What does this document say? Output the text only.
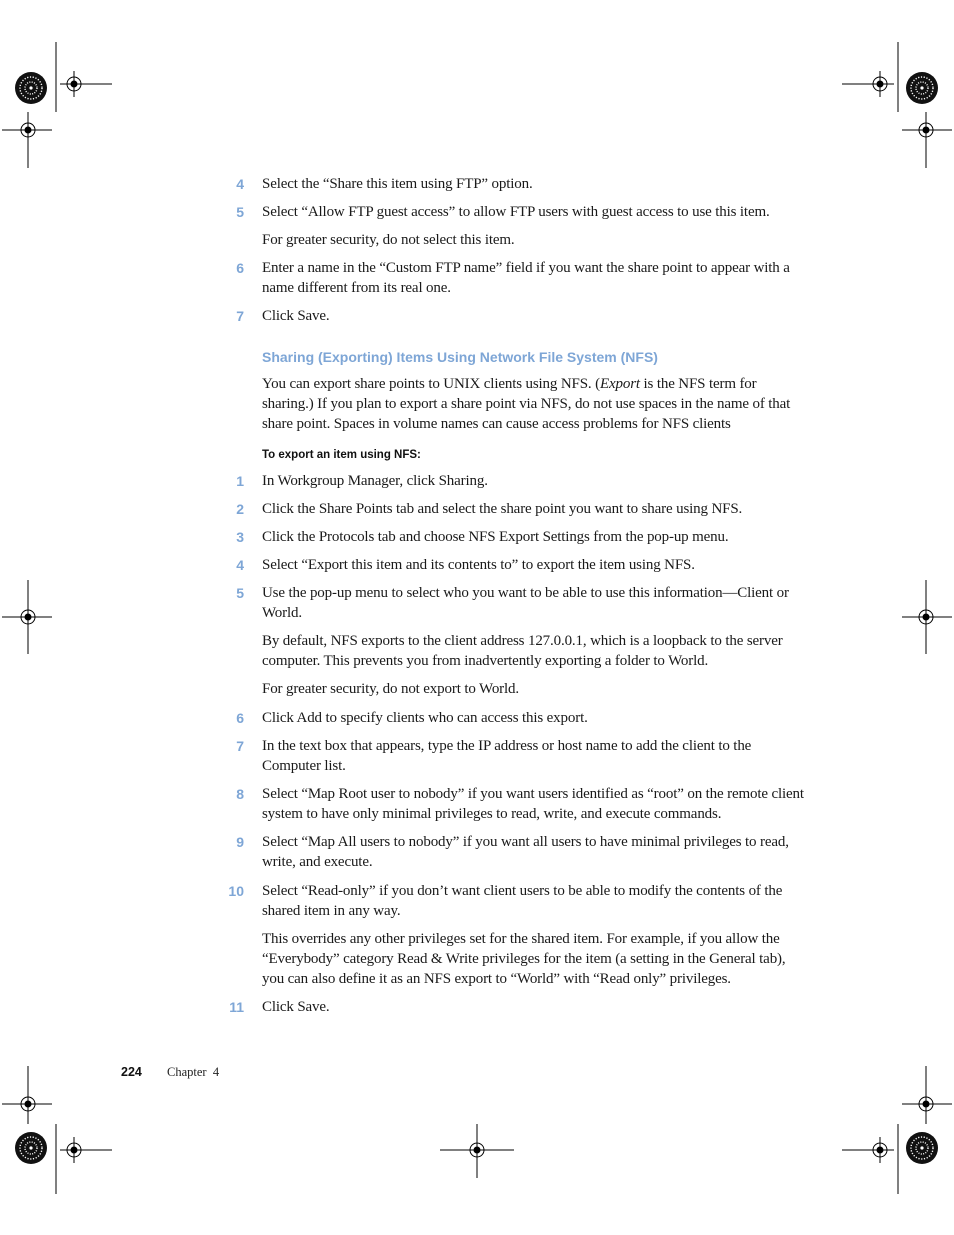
4 Select the “Share this item using FTP” option.
5 Select “Allow FTP guest access” to allow FTP users with guest access to use this item.
For greater security, do not select this item.
6 Enter a name in the “Custom FTP name” field if you want the share point to appear with a name different from its real one.
7 Click Save.
Sharing (Exporting) Items Using Network File System (NFS)
You can export share points to UNIX clients using NFS. (Export is the NFS term for sharing.) If you plan to export a share point via NFS, do not use spaces in the name of that share point. Spaces in volume names can cause access problems for NFS clients
To export an item using NFS:
1 In Workgroup Manager, click Sharing.
2 Click the Share Points tab and select the share point you want to share using NFS.
3 Click the Protocols tab and choose NFS Export Settings from the pop-up menu.
4 Select “Export this item and its contents to” to export the item using NFS.
5 Use the pop-up menu to select who you want to be able to use this information—Client or World.
By default, NFS exports to the client address 127.0.0.1, which is a loopback to the server computer. This prevents you from inadvertently exporting a folder to World.
For greater security, do not export to World.
6 Click Add to specify clients who can access this export.
7 In the text box that appears, type the IP address or host name to add the client to the Computer list.
8 Select “Map Root user to nobody” if you want users identified as “root” on the remote client system to have only minimal privileges to read, write, and execute commands.
9 Select “Map All users to nobody” if you want all users to have minimal privileges to read, write, and execute.
10 Select “Read-only” if you don’t want client users to be able to modify the contents of the shared item in any way.
This overrides any other privileges set for the shared item. For example, if you allow the “Everybody” category Read & Write privileges for the item (a setting in the General tab), you can also define it as an NFS export to “World” with “Read only” privileges.
11 Click Save.
224 Chapter  4
